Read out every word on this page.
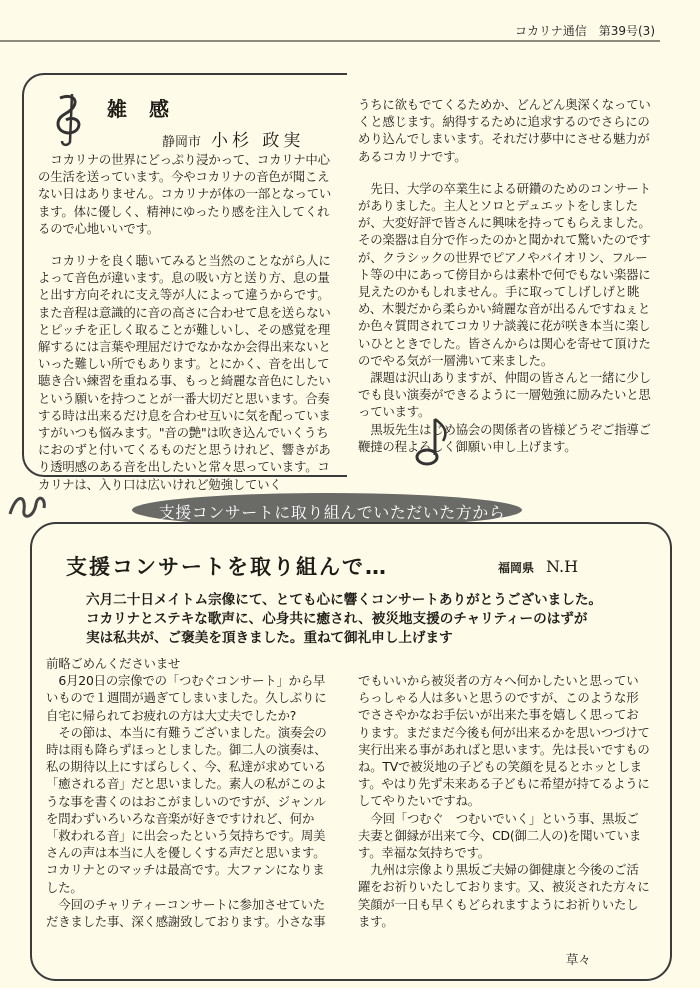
コカリナ通信　第39号(3)
雑感
静岡市 小杉 政実

コカリナの世界にどっぷり浸かって、コカリナ中心の生活を送っています。今やコカリナの音色が聞こえない日はありません。コカリナが体の一部となっています。体に優しく、精神にゆったり感を注入してくれるので心地いいです。

コカリナを良く聴いてみると当然のことながら人によって音色が違います。息の吸い方と送り方、息の量と出す方向それに支え等が人によって違うからです。また音程は意識的に音の高さに合わせて息を送らないとピッチを正しく取ることが難しいし、その感覚を理解するには言葉や理屈だけでなかなか会得出来ないといった難しい所でもあります。とにかく、音を出して聴き合い練習を重ねる事、もっと綺麗な音色にしたいという願いを持つことが一番大切だと思います。合奏する時は出来るだけ息を合わせ互いに気を配っていますがいつも悩みます。"音の艶"は吹き込んでいくうちにおのずと付いてくるものだと思うけれど、響きがあり透明感のある音を出したいと常々思っています。コカリナは、入り口は広いけれど勉強していく

うちに欲もでてくるためか、どんどん奥深くなっていくと感じます。納得するために追求するのでさらにのめり込んでしまいます。それだけ夢中にさせる魅力があるコカリナです。

先日、大学の卒業生による研鑽のためのコンサートがありました。主人とソロとデュエットをしましたが、大変好評で皆さんに興味を持ってもらえました。その楽器は自分で作ったのかと聞かれて驚いたのですが、クラシックの世界でピアノやバイオリン、フルート等の中にあって傍目からは素朴で何でもない楽器に見えたのかもしれません。手に取ってしげしげと眺め、木製だから柔らかい綺麗な音が出るんですねぇとか色々質問されてコカリナ談義に花が咲き本当に楽しいひとときでした。皆さんからは関心を寄せて頂けたのでやる気が一層沸いて来ました。

課題は沢山ありますが、仲間の皆さんと一緒に少しでも良い演奏ができるように一層勉強に励みたいと思っています。

黒坂先生はじめ協会の関係者の皆様どうぞご指導ご鞭撻の程よろしく御願い申し上げます。

支援コンサートに取り組んでいただいた方から
支援コンサートを取り組んで…	福岡県 N.H
六月二十日メイトム宗像にて、とても心に響くコンサートありがとうございました。
コカリナとステキな歌声に、心身共に癒され、被災地支援のチャリティーのはずが
実は私共が、ご褒美を頂きました。重ねて御礼申し上げます

前略ごめんくださいませ

6月20日の宗像での「つむぐコンサート」から早いもので１週間が過ぎてしまいました。久しぶりに自宅に帰られてお疲れの方は大丈夫でしたか?

その節は、本当に有難うございました。演奏会の時は雨も降らずほっとしました。御二人の演奏は、私の期待以上にすばらしく、今、私達が求めている「癒される音」だと思いました。素人の私がこのような事を書くのはおこがましいのですが、ジャンルを問わずいろいろな音楽が好きですけれど、何か「救われる音」に出会ったという気持ちです。周美さんの声は本当に人を優しくする声だと思います。コカリナとのマッチは最高です。大ファンになりました。

今回のチャリティーコンサートに参加させていただきました事、深く感謝致しております。小さな事

でもいいから被災者の方々へ何かしたいと思っていらっしゃる人は多いと思うのですが、このような形でささやかなお手伝いが出来た事を嬉しく思っております。まだまだ今後も何が出来るかを思いつづけて実行出来る事があればと思います。先は長いですものね。TVで被災地の子どもの笑顔を見るとホッとします。やはり先ず未来ある子どもに希望が持てるようにしてやりたいですね。

今回「つむぐ　つむいでいく」という事、黒坂ご夫妻と御縁が出来て今、CD(御二人の)を聞いています。幸福な気持ちです。

九州は宗像より黒坂ご夫婦の御健康と今後のご活躍をお祈りいたしております。又、被災された方々に笑顔が一日も早くもどられますようにお祈りいたします。

草々
